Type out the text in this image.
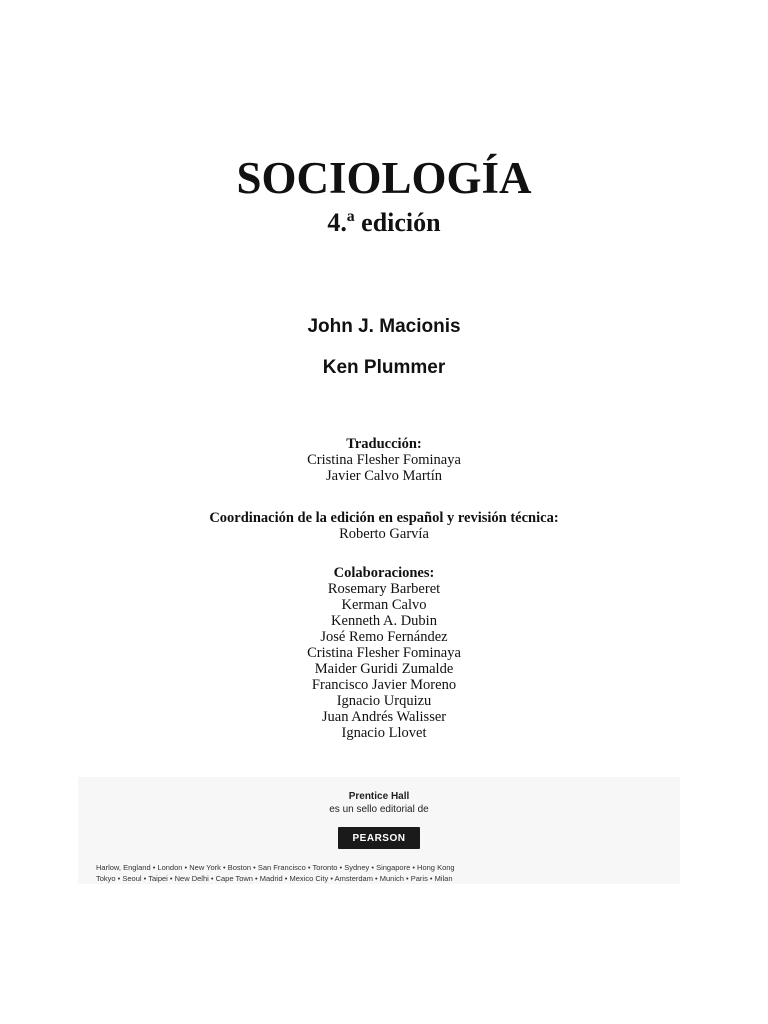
SOCIOLOGÍA
4.ª edición
John J. Macionis
Ken Plummer
Traducción:
Cristina Flesher Fominaya
Javier Calvo Martín
Coordinación de la edición en español y revisión técnica:
Roberto Garvía
Colaboraciones:
Rosemary Barberet
Kerman Calvo
Kenneth A. Dubin
José Remo Fernández
Cristina Flesher Fominaya
Maider Guridi Zumalde
Francisco Javier Moreno
Ignacio Urquizu
Juan Andrés Walisser
Ignacio Llovet
Prentice Hall
es un sello editorial de
PEARSON
Harlow, England • London • New York • Boston • San Francisco • Toronto • Sydney • Singapore • Hong Kong
Tokyo • Seoul • Taipei • New Delhi • Cape Town • Madrid • Mexico City • Amsterdam • Munich • Paris • Milan
